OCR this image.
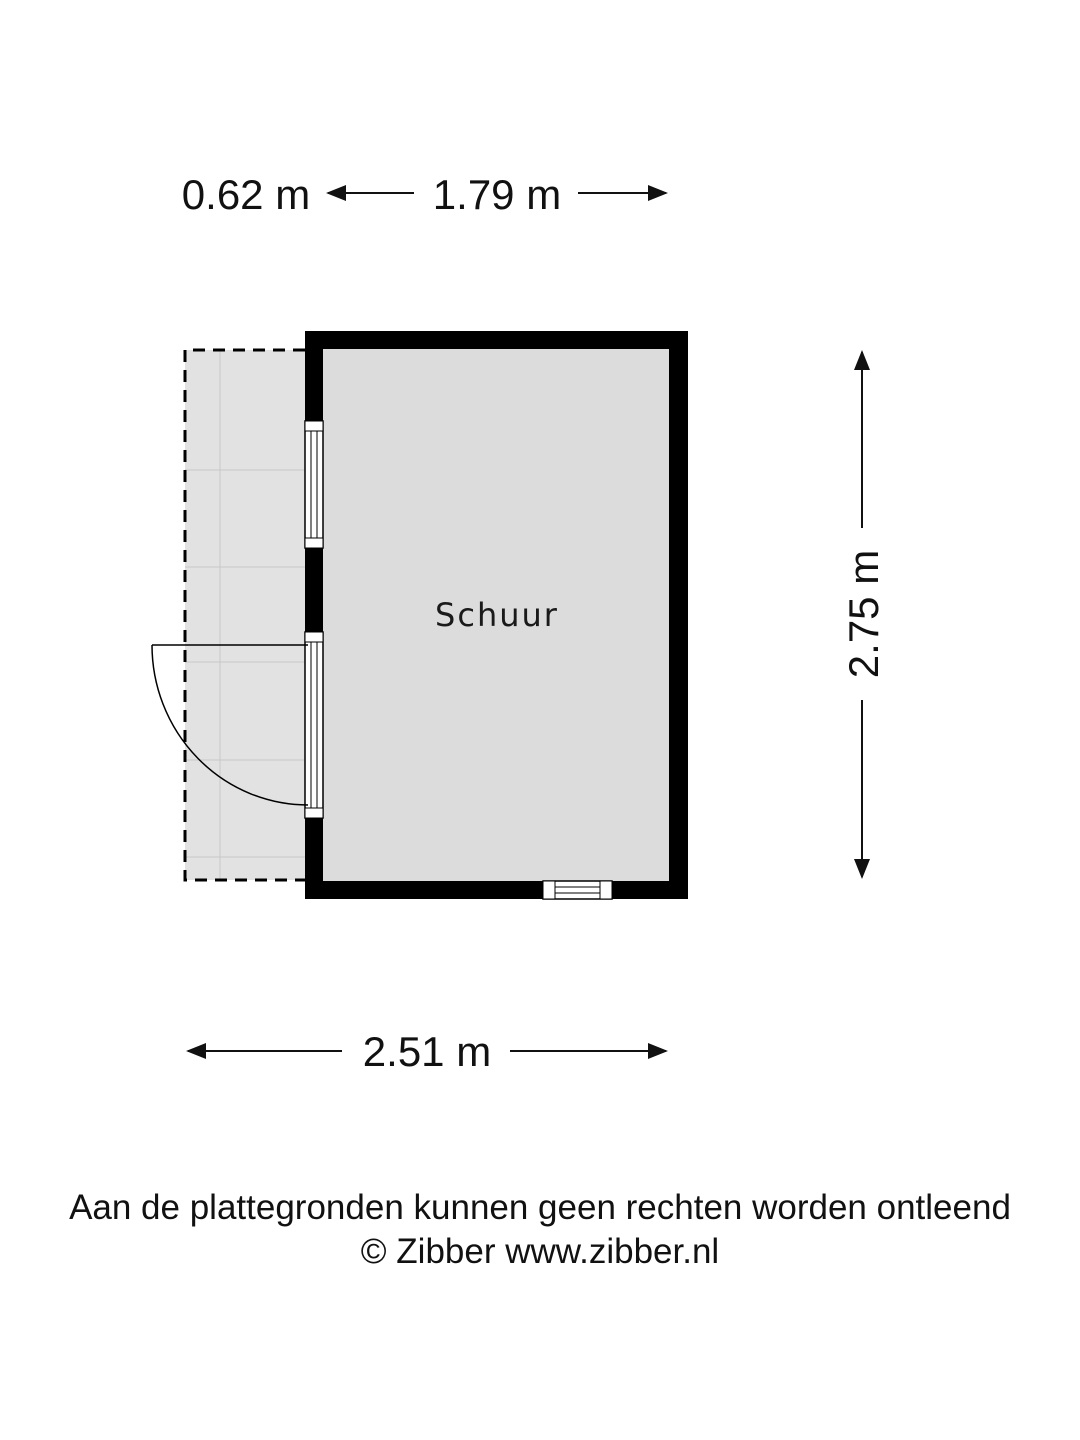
Schuur
0.62 m	1.79 m
2.75 m
2.51 m
Aan de plattegronden kunnen geen rechten worden ontleend
© Zibber www.zibber.nl
